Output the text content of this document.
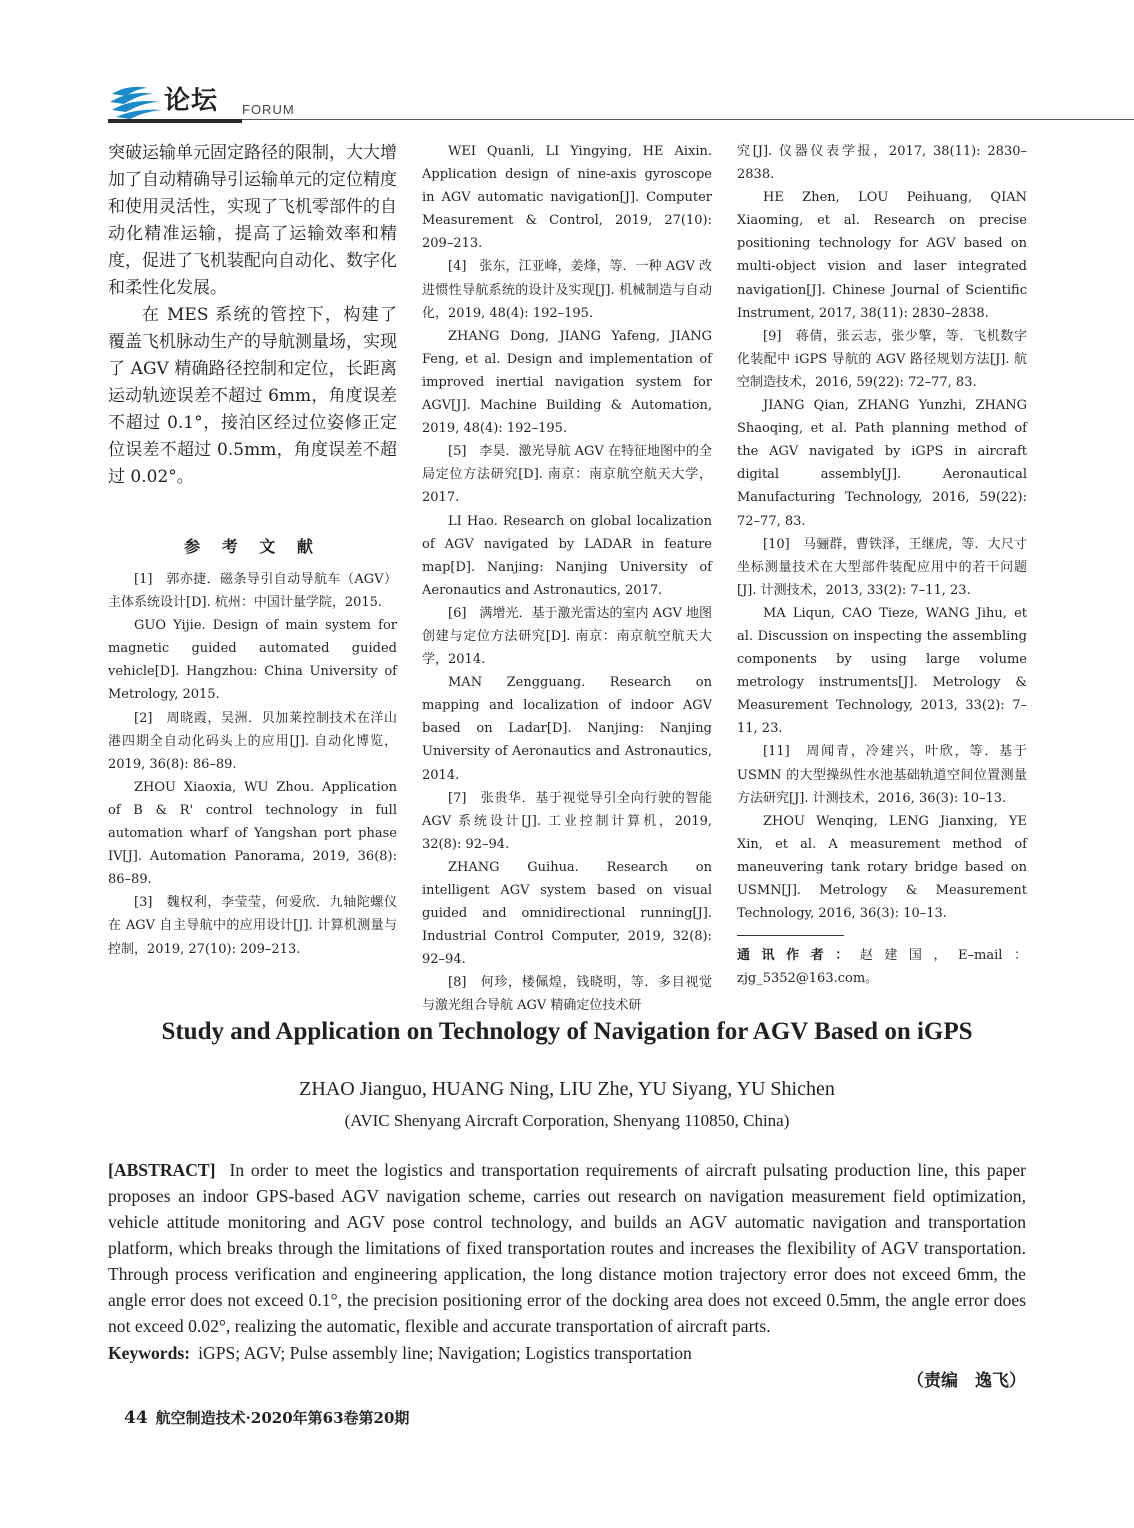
论坛 FORUM

突破运输单元固定路径的限制，大大增加了自动精确导引运输单元的定位精度和使用灵活性，实现了飞机零部件的自动化精准运输，提高了运输效率和精度，促进了飞机装配向自动化、数字化和柔性化发展。

在 MES 系统的管控下，构建了覆盖飞机脉动生产的导航测量场，实现了 AGV 精确路径控制和定位，长距离运动轨迹误差不超过 6mm，角度误差不超过 0.1°，接泊区经过位姿修正定位误差不超过 0.5mm，角度误差不超过 0.02°。

参 考 文 献

[1]　郭亦捷．磁条导引自动导航车（AGV）主体系统设计[D]. 杭州：中国计量学院，2015.

GUO Yijie. Design of main system for magnetic guided automated guided vehicle[D]. Hangzhou: China University of Metrology, 2015.

[2]　周晓霞，吴洲．贝加莱控制技术在洋山港四期全自动化码头上的应用[J]. 自动化博览，2019, 36(8): 86–89.

ZHOU Xiaoxia, WU Zhou. Application of B & R' control technology in full automation wharf of Yangshan port phase IV[J]. Automation Panorama, 2019, 36(8): 86–89.

[3]　魏权利，李莹莹，何爱欣．九轴陀螺仪在 AGV 自主导航中的应用设计[J]. 计算机测量与控制，2019, 27(10): 209–213.

WEI Quanli, LI Yingying, HE Aixin. Application design of nine-axis gyroscope in AGV automatic navigation[J]. Computer Measurement & Control, 2019, 27(10): 209–213.

[4]　张东，江亚峰，姜烽，等．一种 AGV 改进惯性导航系统的设计及实现[J]. 机械制造与自动化，2019, 48(4): 192–195.

ZHANG Dong, JIANG Yafeng, JIANG Feng, et al. Design and implementation of improved inertial navigation system for AGV[J]. Machine Building & Automation, 2019, 48(4): 192–195.

[5]　李昊．激光导航 AGV 在特征地图中的全局定位方法研究[D]. 南京：南京航空航天大学，2017.

LI Hao. Research on global localization of AGV navigated by LADAR in feature map[D]. Nanjing: Nanjing University of Aeronautics and Astronautics, 2017.

[6]　满增光．基于激光雷达的室内 AGV 地图创建与定位方法研究[D]. 南京：南京航空航天大学，2014.

MAN Zengguang. Research on mapping and localization of indoor AGV based on Ladar[D]. Nanjing: Nanjing University of Aeronautics and Astronautics, 2014.

[7]　张贵华．基于视觉导引全向行驶的智能 AGV 系统设计[J]. 工业控制计算机，2019, 32(8): 92–94.

ZHANG Guihua. Research on intelligent AGV system based on visual guided and omnidirectional running[J]. Industrial Control Computer, 2019, 32(8): 92–94.

[8]　何珍，楼佩煌，钱晓明，等．多目视觉与激光组合导航 AGV 精确定位技术研

究[J]. 仪器仪表学报，2017, 38(11): 2830–2838.

HE Zhen, LOU Peihuang, QIAN Xiaoming, et al. Research on precise positioning technology for AGV based on multi-object vision and laser integrated navigation[J]. Chinese Journal of Scientific Instrument, 2017, 38(11): 2830–2838.

[9]　蒋倩，张云志，张少擎，等．飞机数字化装配中 iGPS 导航的 AGV 路径规划方法[J]. 航空制造技术，2016, 59(22): 72–77, 83.

JIANG Qian, ZHANG Yunzhi, ZHANG Shaoqing, et al. Path planning method of the AGV navigated by iGPS in aircraft digital assembly[J]. Aeronautical Manufacturing Technology, 2016, 59(22): 72–77, 83.

[10]　马骊群，曹铁泽，王继虎，等．大尺寸坐标测量技术在大型部件装配应用中的若干问题[J]. 计测技术，2013, 33(2): 7–11, 23.

MA Liqun, CAO Tieze, WANG Jihu, et al. Discussion on inspecting the assembling components by using large volume metrology instruments[J]. Metrology & Measurement Technology, 2013, 33(2): 7–11, 23.

[11]　周闻青，冷建兴，叶欣，等．基于 USMN 的大型操纵性水池基础轨道空间位置测量方法研究[J]. 计测技术，2016, 36(3): 10–13.

ZHOU Wenqing, LENG Jianxing, YE Xin, et al. A measurement method of maneuvering tank rotary bridge based on USMN[J]. Metrology & Measurement Technology, 2016, 36(3): 10–13.

通讯作者：赵建国，E–mail：zjg_5352@163.com。

Study and Application on Technology of Navigation for AGV Based on iGPS
ZHAO Jianguo, HUANG Ning, LIU Zhe, YU Siyang, YU Shichen
(AVIC Shenyang Aircraft Corporation, Shenyang 110850, China)

[ABSTRACT] In order to meet the logistics and transportation requirements of aircraft pulsating production line, this paper proposes an indoor GPS-based AGV navigation scheme, carries out research on navigation measurement field optimization, vehicle attitude monitoring and AGV pose control technology, and builds an AGV automatic navigation and transportation platform, which breaks through the limitations of fixed transportation routes and increases the flexibility of AGV transportation. Through process verification and engineering application, the long distance motion trajectory error does not exceed 6mm, the angle error does not exceed 0.1°, the precision positioning error of the docking area does not exceed 0.5mm, the angle error does not exceed 0.02°, realizing the automatic, flexible and accurate transportation of aircraft parts.

Keywords: iGPS; AGV; Pulse assembly line; Navigation; Logistics transportation

（责编　逸飞）
44 航空制造技术·2020年第63卷第20期
